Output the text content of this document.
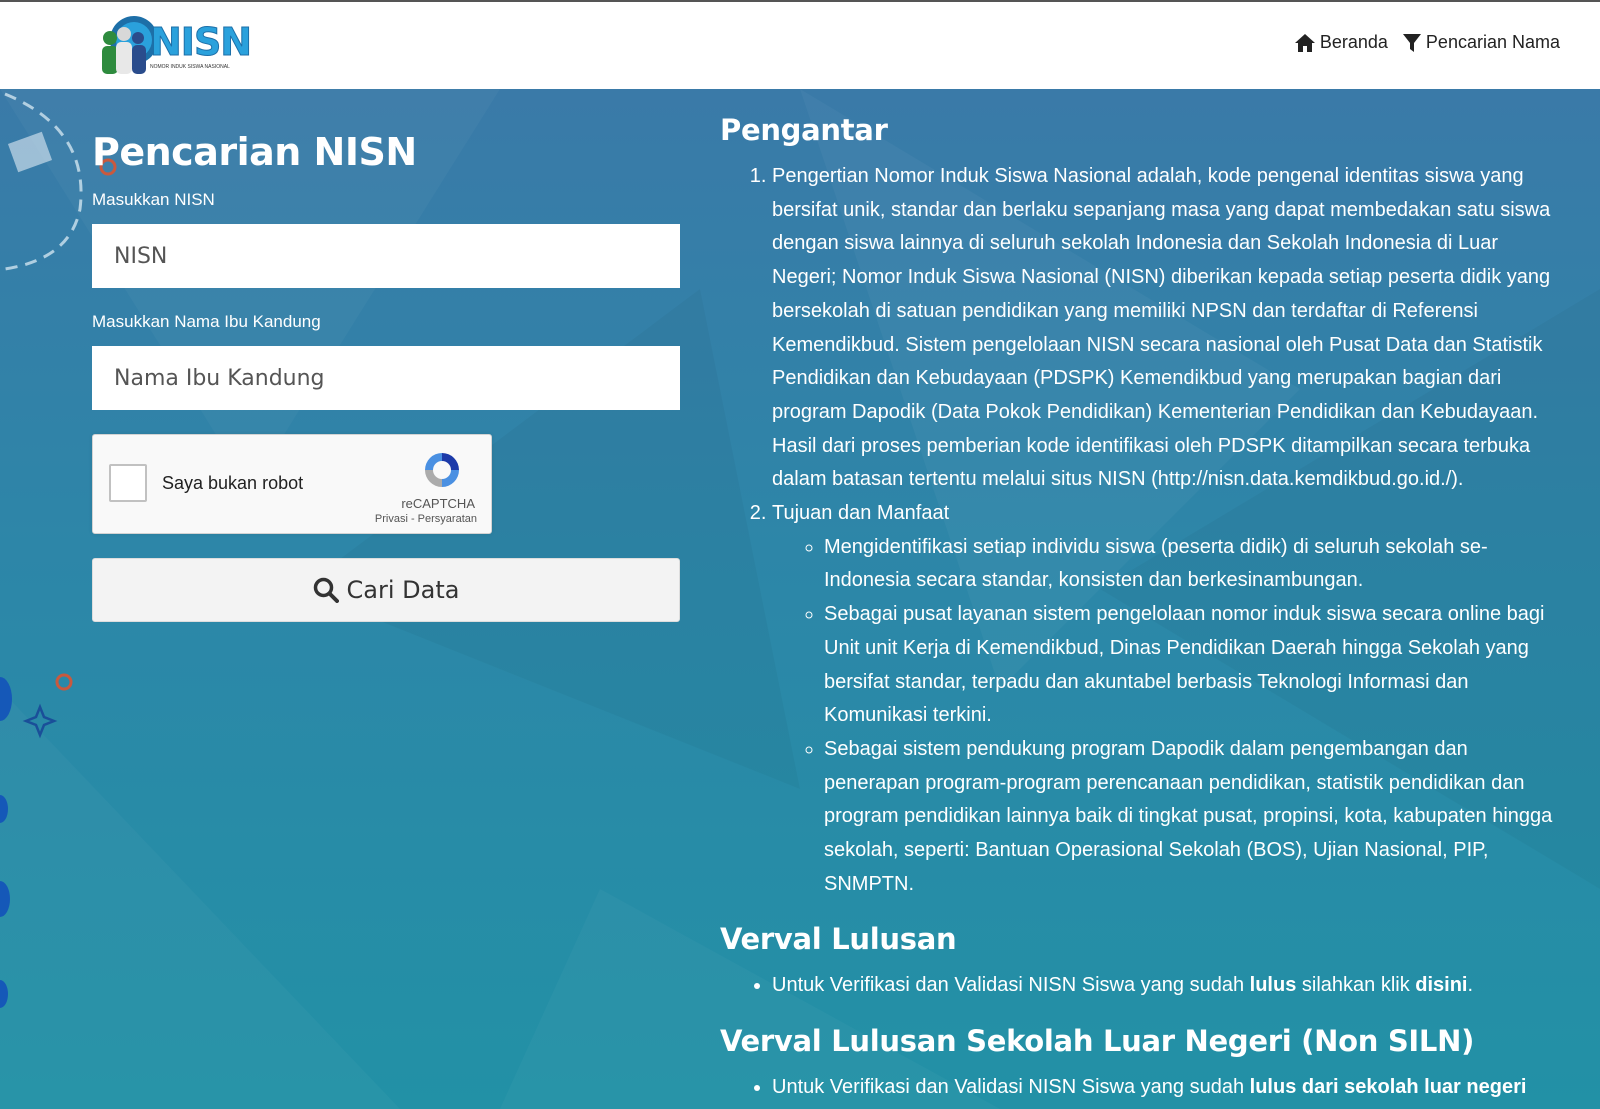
NISN
NOMOR INDUK SISWA NASIONAL
Beranda Pencarian Nama
Pencarian NISN
Masukkan NISN
NISN
Masukkan Nama Ibu Kandung
Nama Ibu Kandung
Saya bukan robot
reCAPTCHA
Privasi - Persyaratan
Cari Data
Pengantar
1. Pengertian Nomor Induk Siswa Nasional adalah, kode pengenal identitas siswa yang bersifat unik, standar dan berlaku sepanjang masa yang dapat membedakan satu siswa dengan siswa lainnya di seluruh sekolah Indonesia dan Sekolah Indonesia di Luar Negeri; Nomor Induk Siswa Nasional (NISN) diberikan kepada setiap peserta didik yang bersekolah di satuan pendidikan yang memiliki NPSN dan terdaftar di Referensi Kemendikbud. Sistem pengelolaan NISN secara nasional oleh Pusat Data dan Statistik Pendidikan dan Kebudayaan (PDSPK) Kemendikbud yang merupakan bagian dari program Dapodik (Data Pokok Pendidikan) Kementerian Pendidikan dan Kebudayaan. Hasil dari proses pemberian kode identifikasi oleh PDSPK ditampilkan secara terbuka dalam batasan tertentu melalui situs NISN (http://nisn.data.kemdikbud.go.id./).
2. Tujuan dan Manfaat
◦ Mengidentifikasi setiap individu siswa (peserta didik) di seluruh sekolah se-Indonesia secara standar, konsisten dan berkesinambungan.
◦ Sebagai pusat layanan sistem pengelolaan nomor induk siswa secara online bagi Unit unit Kerja di Kemendikbud, Dinas Pendidikan Daerah hingga Sekolah yang bersifat standar, terpadu dan akuntabel berbasis Teknologi Informasi dan Komunikasi terkini.
◦ Sebagai sistem pendukung program Dapodik dalam pengembangan dan penerapan program-program perencanaan pendidikan, statistik pendidikan dan program pendidikan lainnya baik di tingkat pusat, propinsi, kota, kabupaten hingga sekolah, seperti: Bantuan Operasional Sekolah (BOS), Ujian Nasional, PIP, SNMPTN.
Verval Lulusan
• Untuk Verifikasi dan Validasi NISN Siswa yang sudah lulus silahkan klik disini.
Verval Lulusan Sekolah Luar Negeri (Non SILN)
• Untuk Verifikasi dan Validasi NISN Siswa yang sudah lulus dari sekolah luar negeri
